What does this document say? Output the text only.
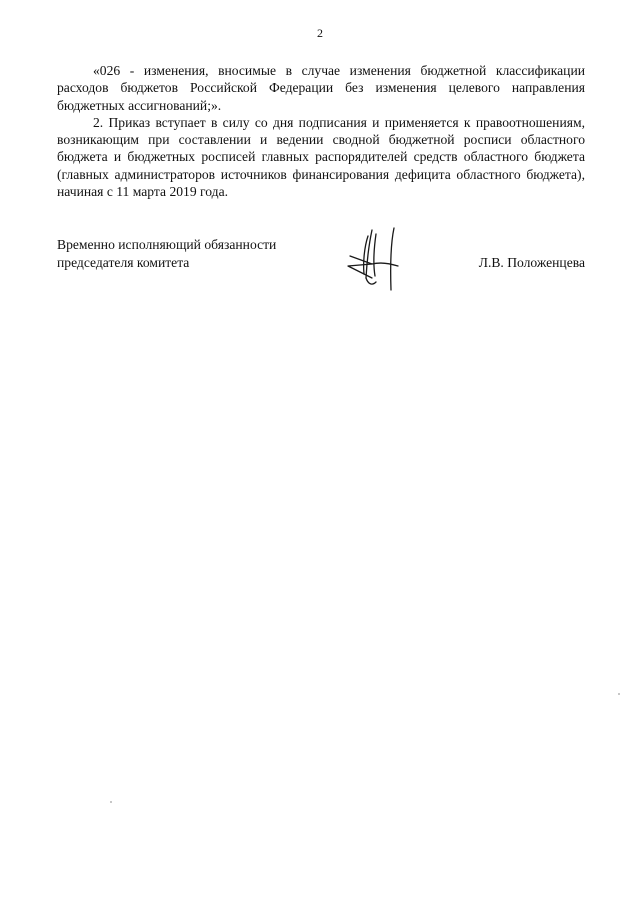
2

«026 - изменения, вносимые в случае изменения бюджетной классификации расходов бюджетов Российской Федерации без изменения целевого направления бюджетных ассигнований;».

2. Приказ вступает в силу со дня подписания и применяется к правоотношениям, возникающим при составлении и ведении сводной бюджетной росписи областного бюджета и бюджетных росписей главных распорядителей средств областного бюджета (главных администраторов источников финансирования дефицита областного бюджета), начиная с 11 марта 2019 года.

Временно исполняющий обязанности
председателя комитета	Л.В. Положенцева
